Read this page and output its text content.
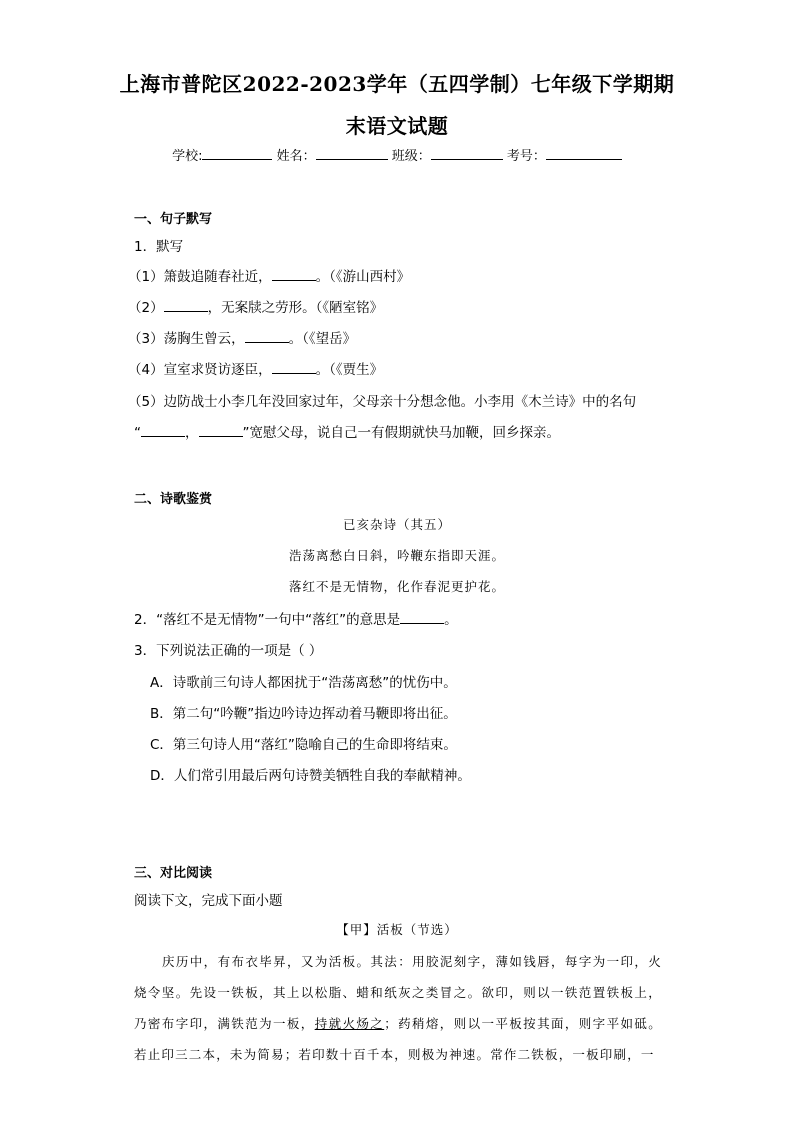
上海市普陀区2022-2023学年（五四学制）七年级下学期期
末语文试题
学校:	姓名：	班级：	考号：
一、句子默写
1．默写
（1）箫鼓追随春社近，	。（《游山西村》
（2）	，无案牍之劳形。（《陋室铭》
（3）荡胸生曾云，	。（《望岳》
（4）宣室求贤访逐臣，	。（《贾生》
（5）边防战士小李几年没回家过年，父母亲十分想念他。小李用《木兰诗》中的名句
“	，	”宽慰父母，说自己一有假期就快马加鞭，回乡探亲。
二、诗歌鉴赏
已亥杂诗（其五）
浩荡离愁白日斜，吟鞭东指即天涯。
落红不是无情物，化作春泥更护花。
2．“落红不是无情物”一句中“落红”的意思是	。
3．下列说法正确的一项是（ ）
A．诗歌前三句诗人都困扰于“浩荡离愁”的忧伤中。
B．第二句“吟鞭”指边吟诗边挥动着马鞭即将出征。
C．第三句诗人用“落红”隐喻自己的生命即将结束。
D．人们常引用最后两句诗赞美牺牲自我的奉献精神。
三、对比阅读
阅读下文，完成下面小题
【甲】活板（节选）
庆历中，有布衣毕昇，又为活板。其法：用胶泥刻字，薄如钱唇，每字为一印，火烧令坚。先设一铁板，其上以松脂、蜡和纸灰之类冒之。欲印，则以一铁范置铁板上，乃密布字印，满铁范为一板，持就火炀之；药稍熔，则以一平板按其面，则字平如砥。若止印三二本，未为简易；若印数十百千本，则极为神速。常作二铁板，一板印刷，一
